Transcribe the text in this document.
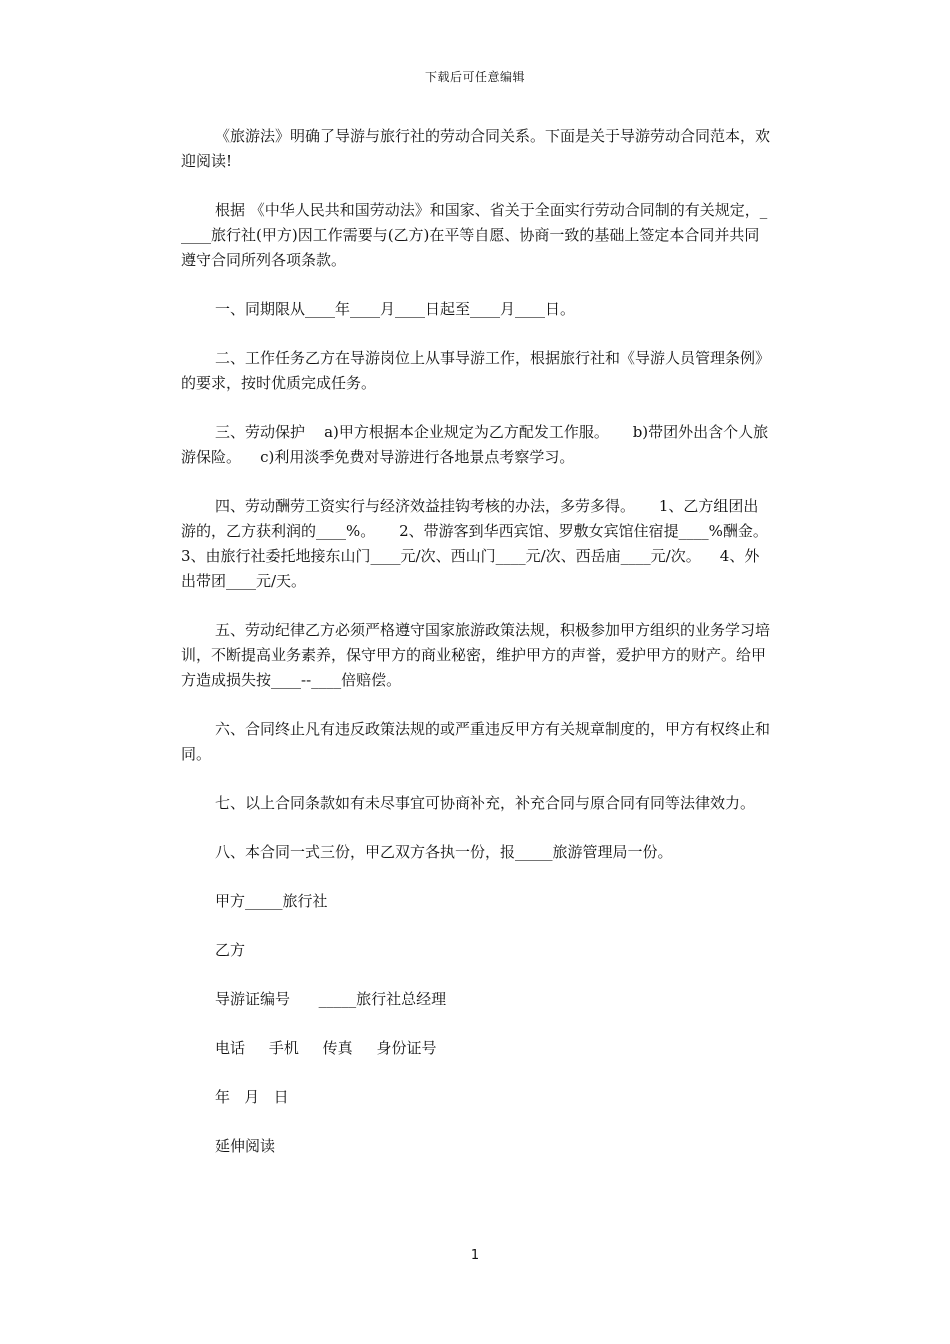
下载后可任意编辑

《旅游法》明确了导游与旅行社的劳动合同关系。下面是关于导游劳动合同范本，欢迎阅读!

根据 《中华人民共和国劳动法》和国家、省关于全面实行劳动合同制的有关规定，_____旅行社(甲方)因工作需要与(乙方)在平等自愿、协商一致的基础上签定本合同并共同遵守合同所列各项条款。

一、同期限从____年____月____日起至____月____日。

二、工作任务乙方在导游岗位上从事导游工作，根据旅行社和《导游人员管理条例》的要求，按时优质完成任务。

三、劳动保护    a)甲方根据本企业规定为乙方配发工作服。     b)带团外出含个人旅游保险。    c)利用淡季免费对导游进行各地景点考察学习。

四、劳动酬劳工资实行与经济效益挂钩考核的办法，多劳多得。     1、乙方组团出游的，乙方获利润的____%。     2、带游客到华西宾馆、罗敷女宾馆住宿提____%酬金。     3、由旅行社委托地接东山门____元/次、西山门____元/次、西岳庙____元/次。    4、外出带团____元/天。

五、劳动纪律乙方必须严格遵守国家旅游政策法规，积极参加甲方组织的业务学习培训，不断提高业务素养，保守甲方的商业秘密，维护甲方的声誉，爱护甲方的财产。给甲方造成损失按____--____倍赔偿。

六、合同终止凡有违反政策法规的或严重违反甲方有关规章制度的，甲方有权终止和同。

七、以上合同条款如有未尽事宜可协商补充，补充合同与原合同有同等法律效力。

八、本合同一式三份，甲乙双方各执一份，报_____旅游管理局一份。

甲方_____旅行社

乙方

导游证编号      _____旅行社总经理

电话     手机     传真     身份证号

年   月   日

延伸阅读

1
